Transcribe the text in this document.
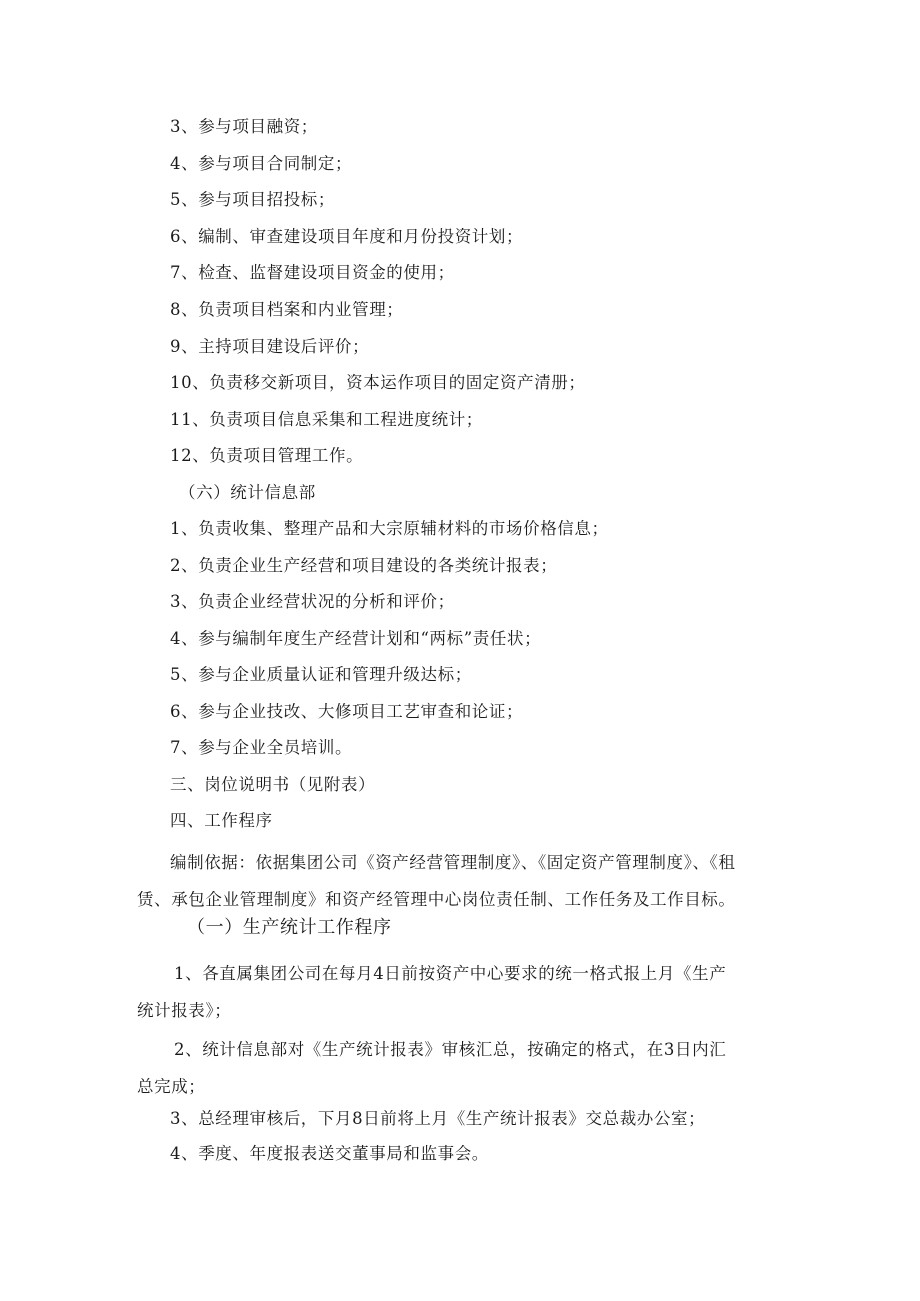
3、参与项目融资；
4、参与项目合同制定；
5、参与项目招投标；
6、编制、审查建设项目年度和月份投资计划；
7、检查、监督建设项目资金的使用；
8、负责项目档案和内业管理；
9、主持项目建设后评价；
10、负责移交新项目，资本运作项目的固定资产清册；
11、负责项目信息采集和工程进度统计；
12、负责项目管理工作。
（六）统计信息部
1、负责收集、整理产品和大宗原辅材料的市场价格信息；
2、负责企业生产经营和项目建设的各类统计报表；
3、负责企业经营状况的分析和评价；
4、参与编制年度生产经营计划和“两标”责任状；
5、参与企业质量认证和管理升级达标；
6、参与企业技改、大修项目工艺审查和论证；
7、参与企业全员培训。
三、岗位说明书（见附表）
四、工作程序
编制依据：依据集团公司《资产经营管理制度》、《固定资产管理制度》、《租赁、承包企业管理制度》和资产经管理中心岗位责任制、工作任务及工作目标。
（一）生产统计工作程序
1、各直属集团公司在每月4日前按资产中心要求的统一格式报上月《生产统计报表》；
2、统计信息部对《生产统计报表》审核汇总，按确定的格式，在3日内汇总完成；
3、总经理审核后，下月8日前将上月《生产统计报表》交总裁办公室；
4、季度、年度报表送交董事局和监事会。
